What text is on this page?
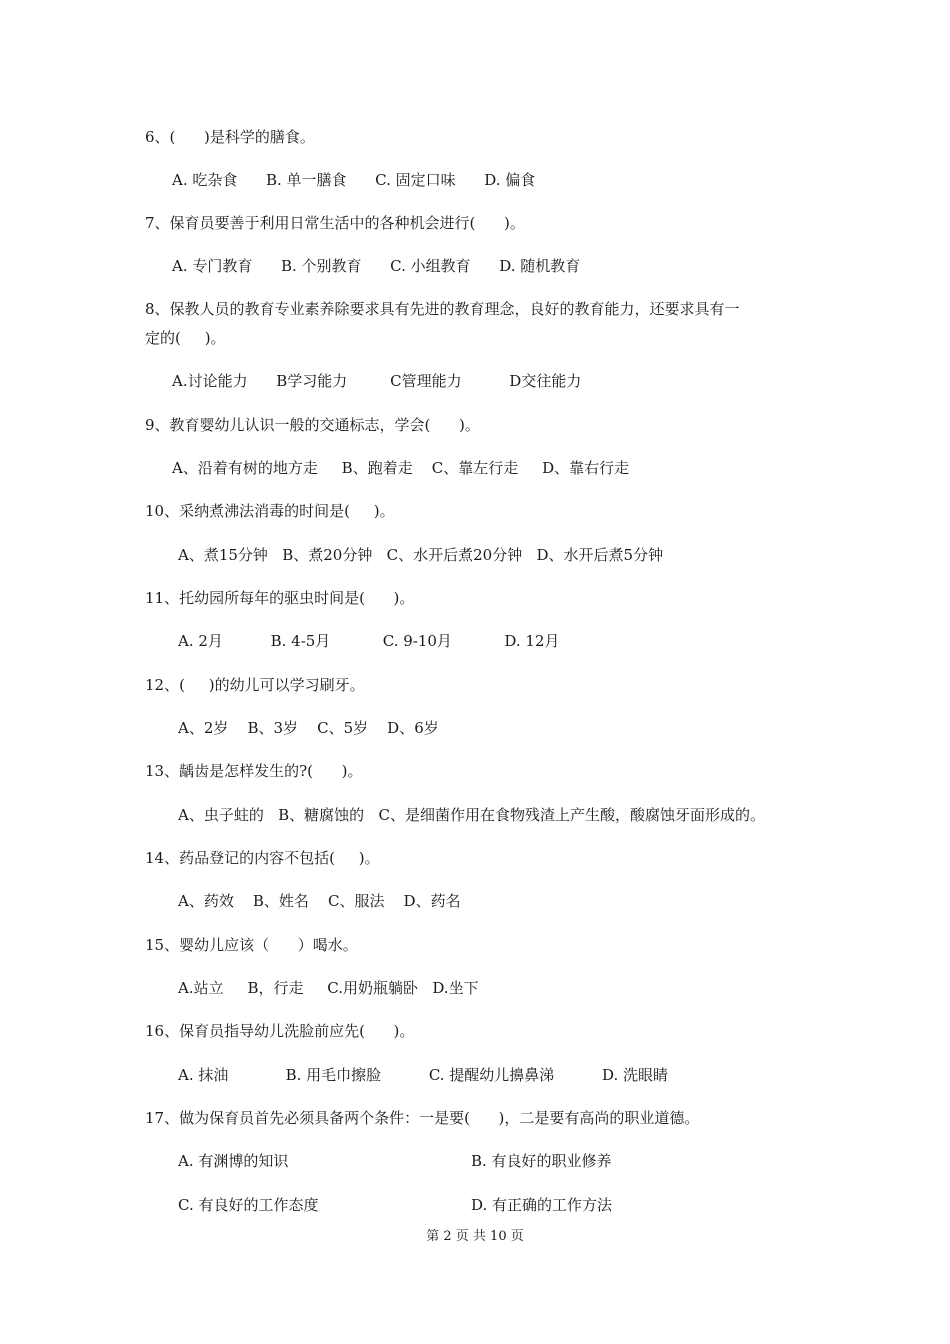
6、(      )是科学的膳食。
A. 吃杂食      B. 单一膳食      C. 固定口味      D. 偏食
7、保育员要善于利用日常生活中的各种机会进行(      )。
A. 专门教育      B. 个别教育      C. 小组教育      D. 随机教育
8、保教人员的教育专业素养除要求具有先进的教育理念，良好的教育能力，还要求具有一
定的(     )。
A.讨论能力      B学习能力         C管理能力          D交往能力
9、教育婴幼儿认识一般的交通标志，学会(      )。
A、沿着有树的地方走     B、跑着走    C、靠左行走     D、靠右行走
10、采纳煮沸法消毒的时间是(     )。
A、煮15分钟   B、煮20分钟   C、水开后煮20分钟   D、水开后煮5分钟
11、托幼园所每年的驱虫时间是(      )。
A. 2月          B. 4-5月           C. 9-10月           D. 12月
12、(     )的幼儿可以学习刷牙。
A、2岁    B、3岁    C、5岁    D、6岁
13、龋齿是怎样发生的?(      )。
A、虫子蛀的   B、糖腐蚀的   C、是细菌作用在食物残渣上产生酸，酸腐蚀牙面形成的。
14、药品登记的内容不包括(     )。
A、药效    B、姓名    C、服法    D、药名
15、婴幼儿应该（      ）喝水。
A.站立     B，行走     C.用奶瓶躺卧   D.坐下
16、保育员指导幼儿洗脸前应先(      )。
A. 抹油            B. 用毛巾擦脸          C. 提醒幼儿擤鼻涕          D. 洗眼睛
17、做为保育员首先必须具备两个条件：一是要(      )，二是要有高尚的职业道德。
A. 有渊博的知识	B. 有良好的职业修养
C. 有良好的工作态度	D. 有正确的工作方法
第 2 页 共 10 页
